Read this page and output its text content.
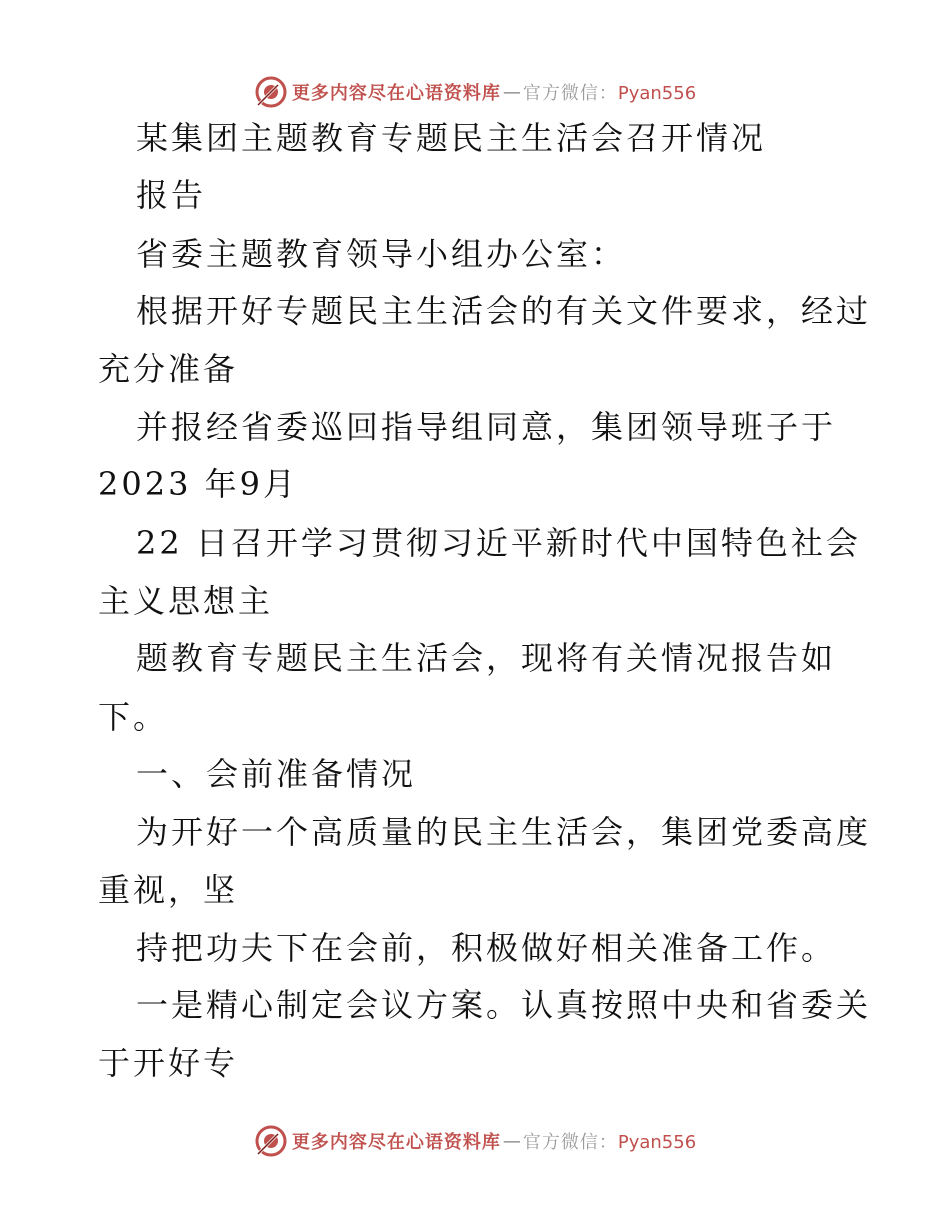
更多内容尽在心语资料库 — 官方微信：Pyan556
某集团主题教育专题民主生活会召开情况
报告
省委主题教育领导小组办公室：
根据开好专题民主生活会的有关文件要求，经过
充分准备
并报经省委巡回指导组同意，集团领导班子于
2023 年9月
22 日召开学习贯彻习近平新时代中国特色社会
主义思想主
题教育专题民主生活会，现将有关情况报告如
下。
一、会前准备情况
为开好一个高质量的民主生活会，集团党委高度
重视，坚
持把功夫下在会前，积极做好相关准备工作。
一是精心制定会议方案。认真按照中央和省委关
于开好专
更多内容尽在心语资料库 — 官方微信：Pyan556
